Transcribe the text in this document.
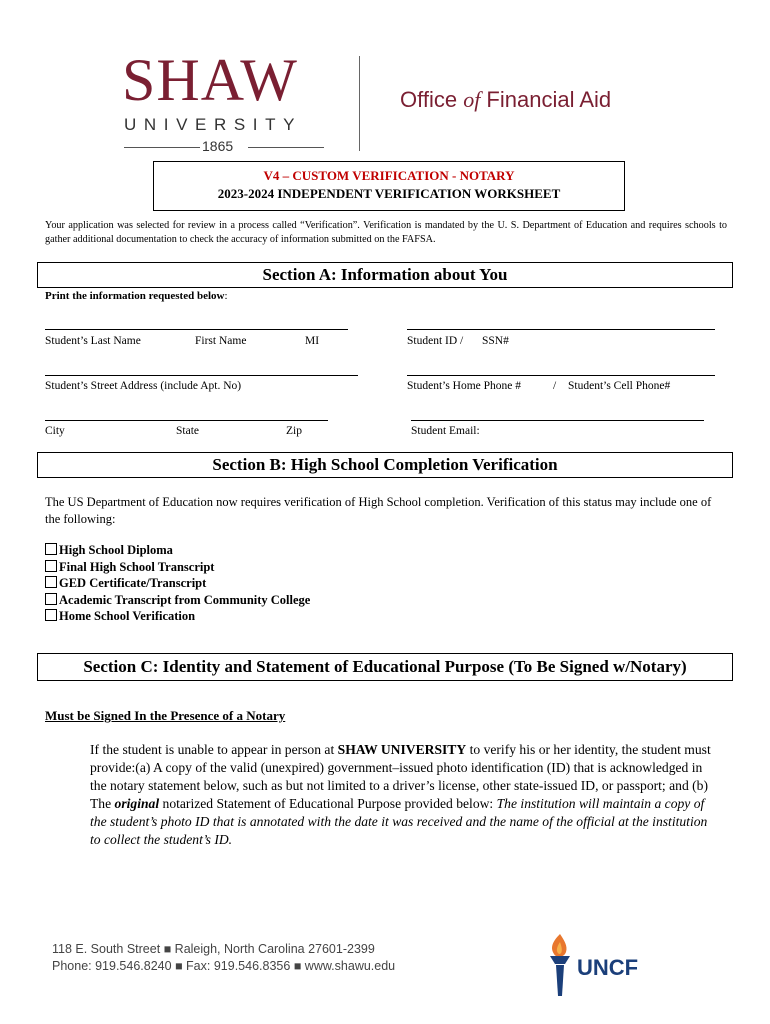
SHAW
UNIVERSITY
1865
Office of Financial Aid
V4 – CUSTOM VERIFICATION - NOTARY
2023-2024 INDEPENDENT VERIFICATION WORKSHEET
Your application was selected for review in a process called “Verification”. Verification is mandated by the U. S. Department of Education and requires schools to gather additional documentation to check the accuracy of information submitted on the FAFSA.
Section A: Information about You
Print the information requested below:
Student’s Last Name	First Name	MI	Student ID / SSN#
Student’s Street Address (include Apt. No)	Student’s Home Phone #	/ Student’s Cell Phone#
City	State	Zip	Student Email:
Section B: High School Completion Verification
The US Department of Education now requires verification of High School completion. Verification of this status may include one of the following:
High School Diploma
Final High School Transcript
GED Certificate/Transcript
Academic Transcript from Community College
Home School Verification
Section C: Identity and Statement of Educational Purpose (To Be Signed w/Notary)
Must be Signed In the Presence of a Notary
If the student is unable to appear in person at SHAW UNIVERSITY to verify his or her identity, the student must provide:(a) A copy of the valid (unexpired) government–issued photo identification (ID) that is acknowledged in the notary statement below, such as but not limited to a driver’s license, other state-issued ID, or passport; and (b) The original notarized Statement of Educational Purpose provided below: The institution will maintain a copy of the student’s photo ID that is annotated with the date it was received and the name of the official at the institution to collect the student’s ID.
118 E. South Street ■ Raleigh, North Carolina 27601-2399
Phone: 919.546.8240 ■ Fax: 919.546.8356 ■ www.shawu.edu	UNCF
